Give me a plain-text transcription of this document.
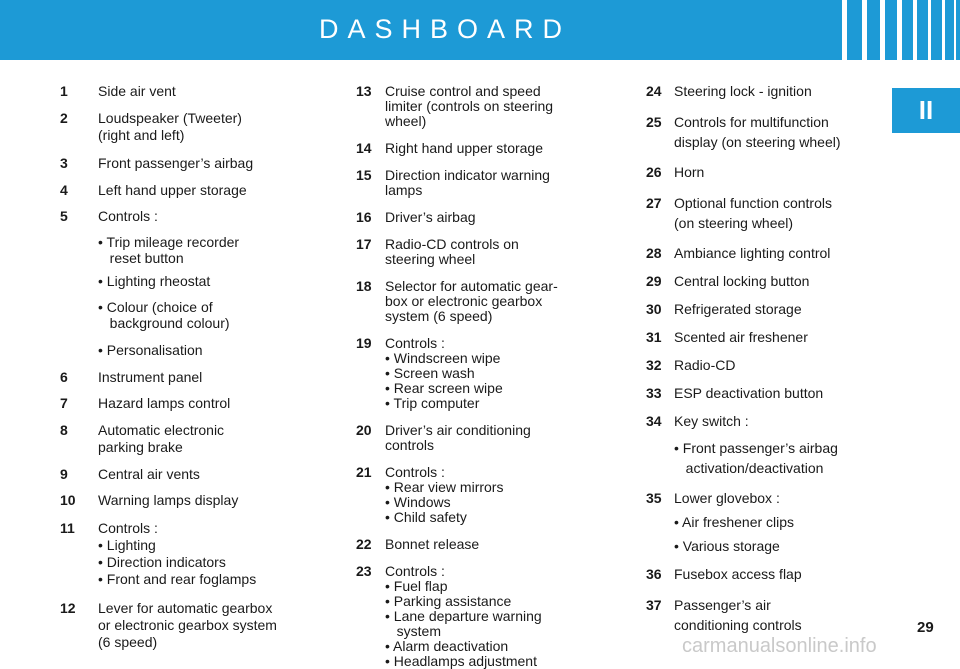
DASHBOARD
II
1 Side air vent
2 Loudspeaker (Tweeter)
(right and left)
3 Front passenger’s airbag
4 Left hand upper storage
5 Controls :
• Trip mileage recorder
reset button
• Lighting rheostat
• Colour (choice of
background colour)
• Personalisation
6 Instrument panel
7 Hazard lamps control
8 Automatic electronic
parking brake
9 Central air vents
10 Warning lamps display
11 Controls :
• Lighting
• Direction indicators
• Front and rear foglamps
12 Lever for automatic gearbox
or electronic gearbox system
(6 speed)
13 Cruise control and speed
limiter (controls on steering
wheel)
14 Right hand upper storage
15 Direction indicator warning
lamps
16 Driver’s airbag
17 Radio-CD controls on
steering wheel
18 Selector for automatic gear-
box or electronic gearbox
system (6 speed)
19 Controls :
• Windscreen wipe
• Screen wash
• Rear screen wipe
• Trip computer
20 Driver’s air conditioning
controls
21 Controls :
• Rear view mirrors
• Windows
• Child safety
22 Bonnet release
23 Controls :
• Fuel flap
• Parking assistance
• Lane departure warning
system
• Alarm deactivation
• Headlamps adjustment
24 Steering lock - ignition
25 Controls for multifunction
display (on steering wheel)
26 Horn
27 Optional function controls
(on steering wheel)
28 Ambiance lighting control
29 Central locking button
30 Refrigerated storage
31 Scented air freshener
32 Radio-CD
33 ESP deactivation button
34 Key switch :
• Front passenger’s airbag
activation/deactivation
35 Lower glovebox :
• Air freshener clips
• Various storage
36 Fusebox access flap
37 Passenger’s air
conditioning controls	29
carmanualsonline.info
